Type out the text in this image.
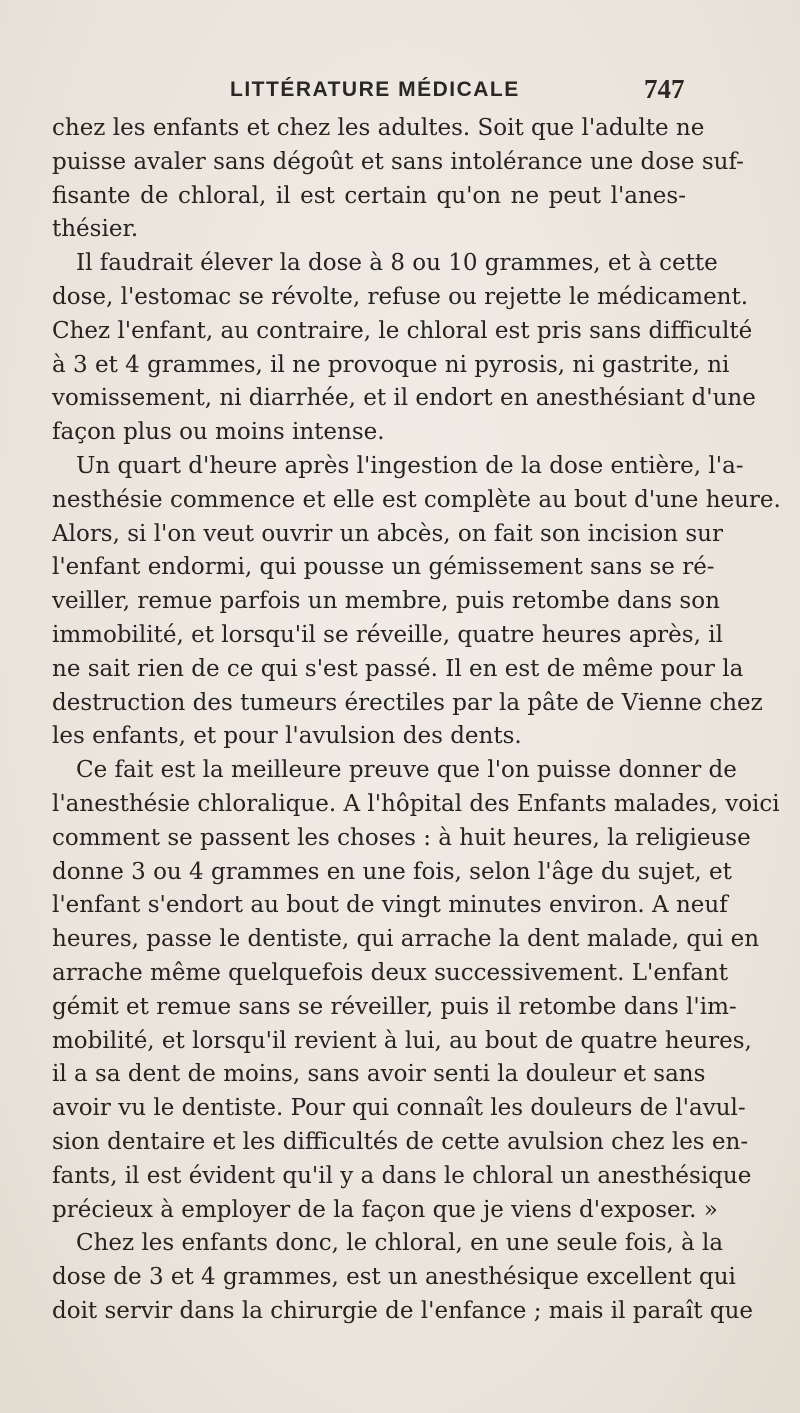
LITTÉRATURE MÉDICALE	747
chez les enfants et chez les adultes. Soit que l'adulte ne
puisse avaler sans dégoût et sans intolérance une dose suf-
fisante de chloral, il est certain qu'on ne peut l'anes-
thésier.
Il faudrait élever la dose à 8 ou 10 grammes, et à cette
dose, l'estomac se révolte, refuse ou rejette le médicament.
Chez l'enfant, au contraire, le chloral est pris sans difficulté
à 3 et 4 grammes, il ne provoque ni pyrosis, ni gastrite, ni
vomissement, ni diarrhée, et il endort en anesthésiant d'une
façon plus ou moins intense.
Un quart d'heure après l'ingestion de la dose entière, l'a-
nesthésie commence et elle est complète au bout d'une heure.
Alors, si l'on veut ouvrir un abcès, on fait son incision sur
l'enfant endormi, qui pousse un gémissement sans se ré-
veiller, remue parfois un membre, puis retombe dans son
immobilité, et lorsqu'il se réveille, quatre heures après, il
ne sait rien de ce qui s'est passé. Il en est de même pour la
destruction des tumeurs érectiles par la pâte de Vienne chez
les enfants, et pour l'avulsion des dents.
Ce fait est la meilleure preuve que l'on puisse donner de
l'anesthésie chloralique. A l'hôpital des Enfants malades, voici
comment se passent les choses : à huit heures, la religieuse
donne 3 ou 4 grammes en une fois, selon l'âge du sujet, et
l'enfant s'endort au bout de vingt minutes environ. A neuf
heures, passe le dentiste, qui arrache la dent malade, qui en
arrache même quelquefois deux successivement. L'enfant
gémit et remue sans se réveiller, puis il retombe dans l'im-
mobilité, et lorsqu'il revient à lui, au bout de quatre heures,
il a sa dent de moins, sans avoir senti la douleur et sans
avoir vu le dentiste. Pour qui connaît les douleurs de l'avul-
sion dentaire et les difficultés de cette avulsion chez les en-
fants, il est évident qu'il y a dans le chloral un anesthésique
précieux à employer de la façon que je viens d'exposer. »
Chez les enfants donc, le chloral, en une seule fois, à la
dose de 3 et 4 grammes, est un anesthésique excellent qui
doit servir dans la chirurgie de l'enfance ; mais il paraît que
